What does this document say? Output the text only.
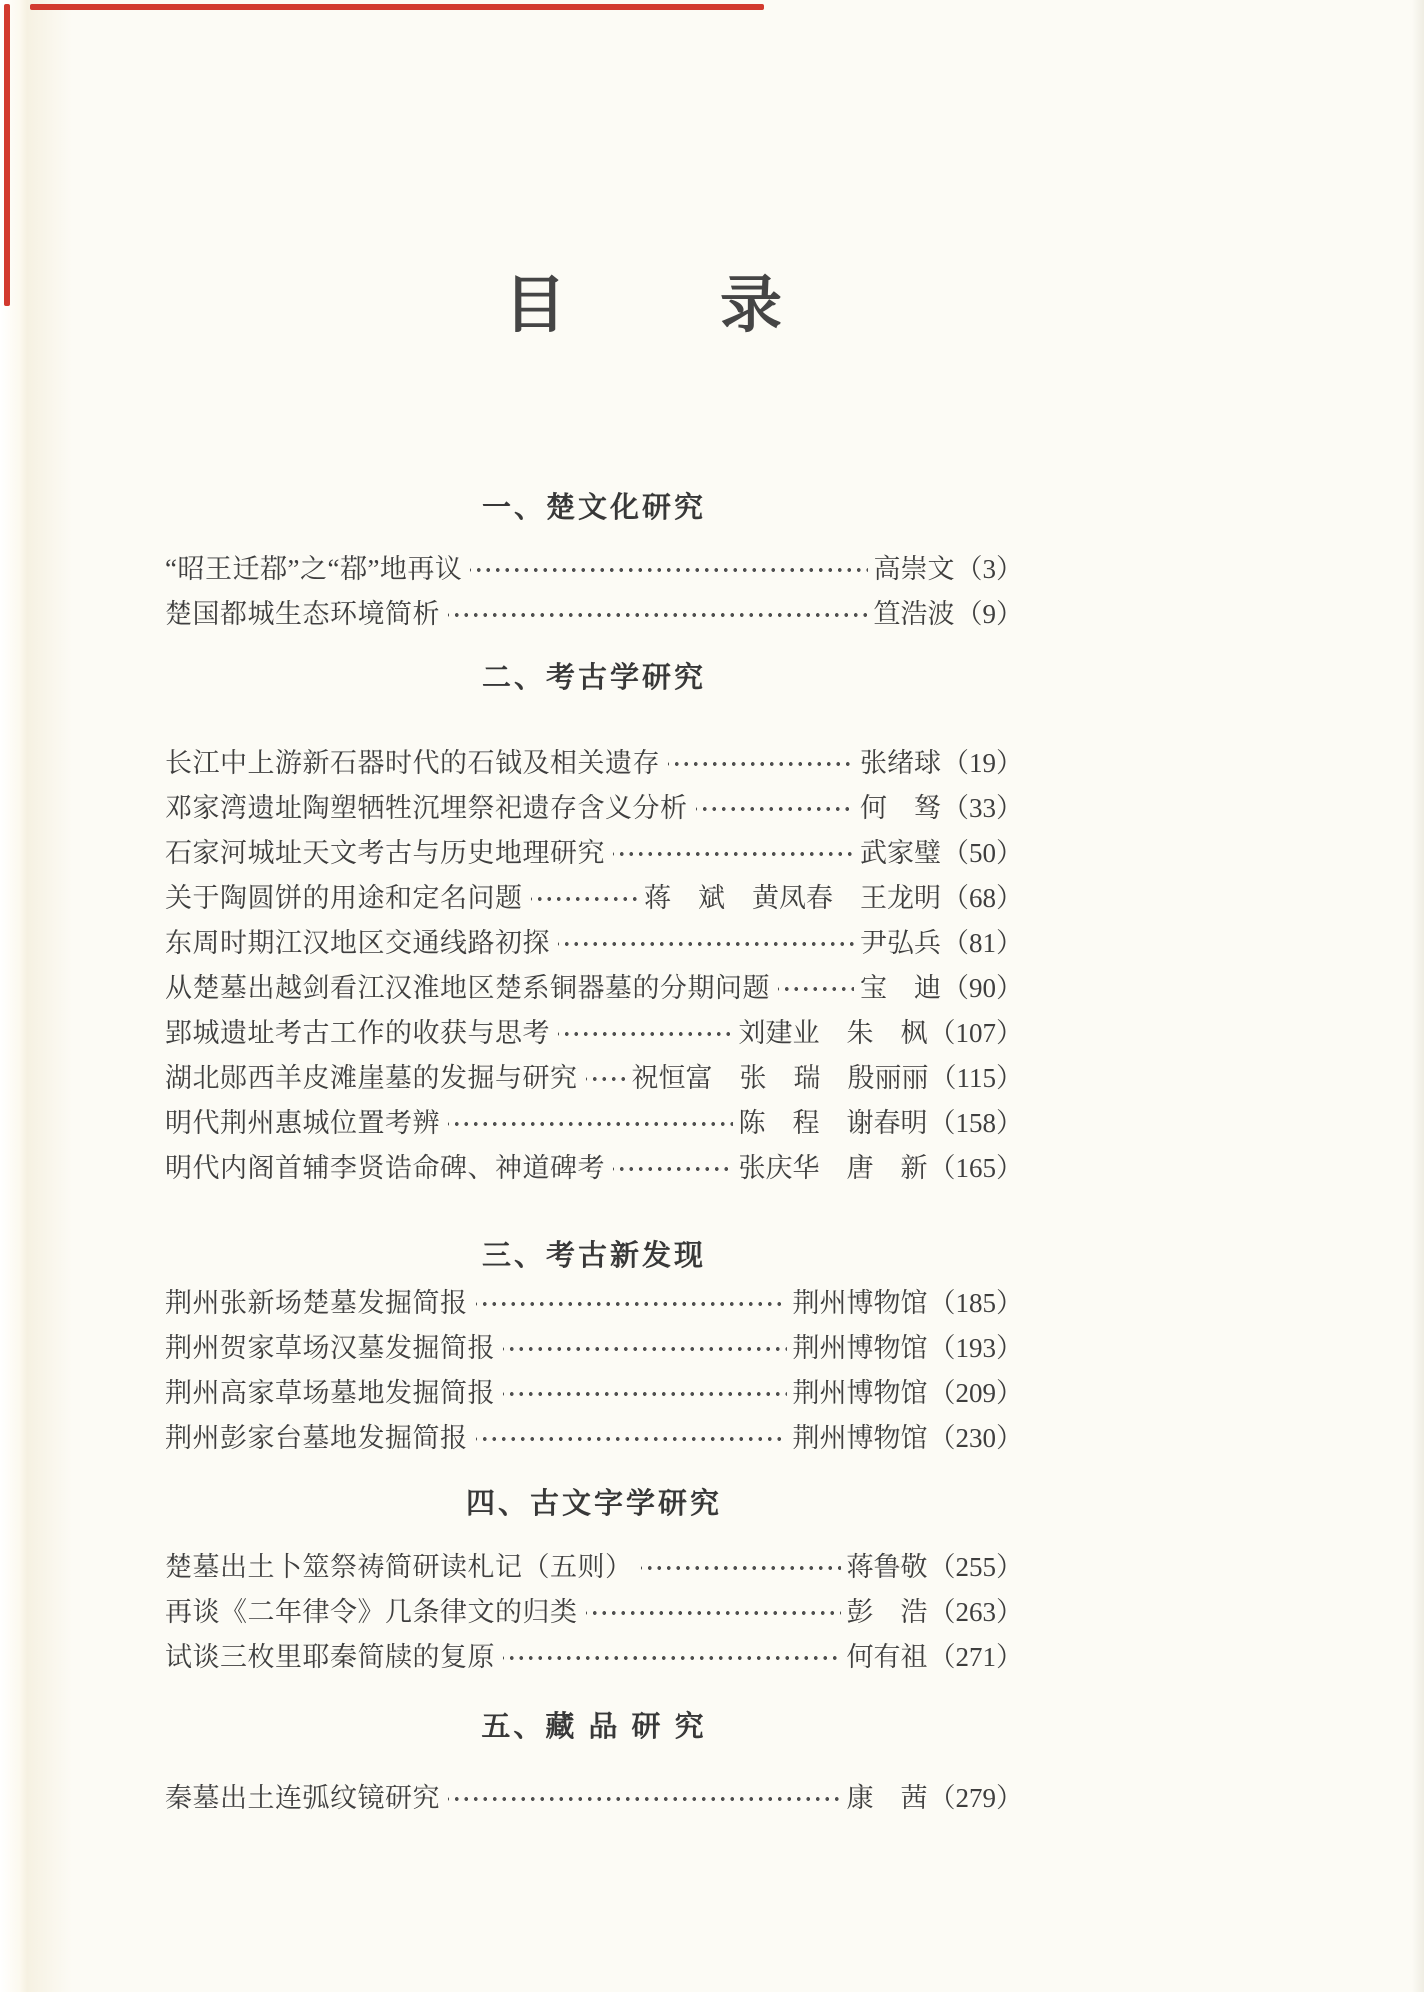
目　　录
一、楚文化研究
“昭王迁鄀”之“鄀”地再议	高崇文 （3）
楚国都城生态环境简析	笪浩波 （9）
二、考古学研究
长江中上游新石器时代的石钺及相关遗存	张绪球 （19）
邓家湾遗址陶塑牺牲沉埋祭祀遗存含义分析	何　驽 （33）
石家河城址天文考古与历史地理研究	武家璧 （50）
关于陶圆饼的用途和定名问题	蒋　斌　黄凤春　王龙明 （68）
东周时期江汉地区交通线路初探	尹弘兵 （81）
从楚墓出越剑看江汉淮地区楚系铜器墓的分期问题	宝　迪 （90）
郢城遗址考古工作的收获与思考	刘建业　朱　枫 （107）
湖北郧西羊皮滩崖墓的发掘与研究 祝恒富　张　瑞　殷丽丽 （115）
明代荆州惠城位置考辨	陈　程　谢春明 （158）
明代内阁首辅李贤诰命碑、神道碑考	张庆华　唐　新 （165）
三、考古新发现
荆州张新场楚墓发掘简报	荆州博物馆 （185）
荆州贺家草场汉墓发掘简报	荆州博物馆 （193）
荆州高家草场墓地发掘简报	荆州博物馆 （209）
荆州彭家台墓地发掘简报	荆州博物馆 （230）
四、古文字学研究
楚墓出土卜筮祭祷简研读札记（五则）	蒋鲁敬 （255）
再谈《二年律令》几条律文的归类	彭　浩 （263）
试谈三枚里耶秦简牍的复原	何有祖 （271）
五、藏 品 研 究
秦墓出土连弧纹镜研究	康　茜 （279）
